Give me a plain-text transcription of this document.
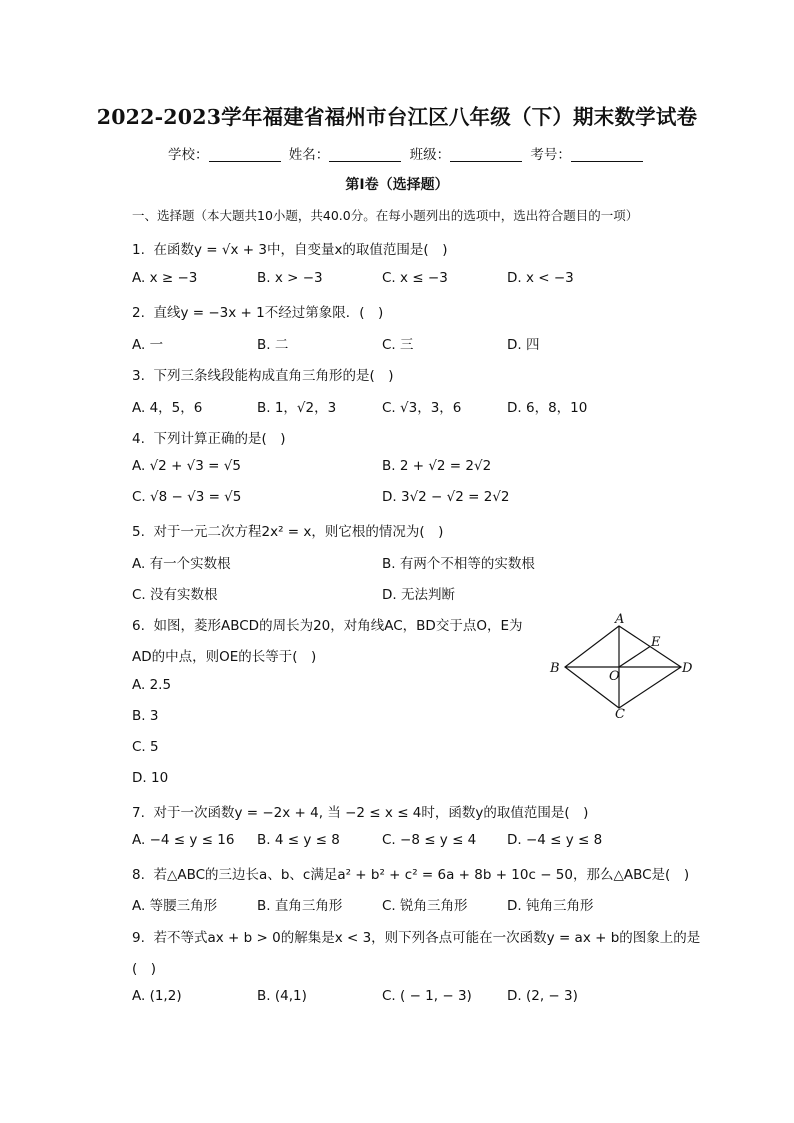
2022-2023学年福建省福州市台江区八年级（下）期末数学试卷
学校：	姓名：	班级：	考号：
第Ⅰ卷（选择题）
一、选择题（本大题共10小题，共40.0分。在每小题列出的选项中，选出符合题目的一项）
1. 在函数y = √x + 3中，自变量x的取值范围是(　)
A. x ≥ −3	B. x > −3	C. x ≤ −3	D. x < −3
2. 直线y = −3x + 1不经过第象限．(　)
A. 一	B. 二	C. 三	D. 四
3. 下列三条线段能构成直角三角形的是(　)
A. 4，5，6	B. 1，√2，3	C. √3，3，6	D. 6，8，10
4. 下列计算正确的是(　)
A. √2 + √3 = √5	B. 2 + √2 = 2√2
C. √8 − √3 = √5	D. 3√2 − √2 = 2√2
5. 对于一元二次方程2x² = x，则它根的情况为(　)
A. 有一个实数根	B. 有两个不相等的实数根
C. 没有实数根	D. 无法判断
6. 如图，菱形ABCD的周长为20，对角线AC，BD交于点O，E为
AD的中点，则OE的长等于(　)
A. 2.5
B. 3
C. 5
D. 10
A
E
B
O
D
C
7. 对于一次函数y = −2x + 4, 当 −2 ≤ x ≤ 4时，函数y的取值范围是(　)
A. −4 ≤ y ≤ 16 B. 4 ≤ y ≤ 8	C. −8 ≤ y ≤ 4 D. −4 ≤ y ≤ 8
8. 若△ABC的三边长a、b、c满足a² + b² + c² = 6a + 8b + 10c − 50，那么△ABC是(　)
A. 等腰三角形	B. 直角三角形	C. 锐角三角形	D. 钝角三角形
9. 若不等式ax + b > 0的解集是x < 3，则下列各点可能在一次函数y = ax + b的图象上的是
(　)
A. (1,2)	B. (4,1)	C. ( − 1, − 3)	D. (2, − 3)
